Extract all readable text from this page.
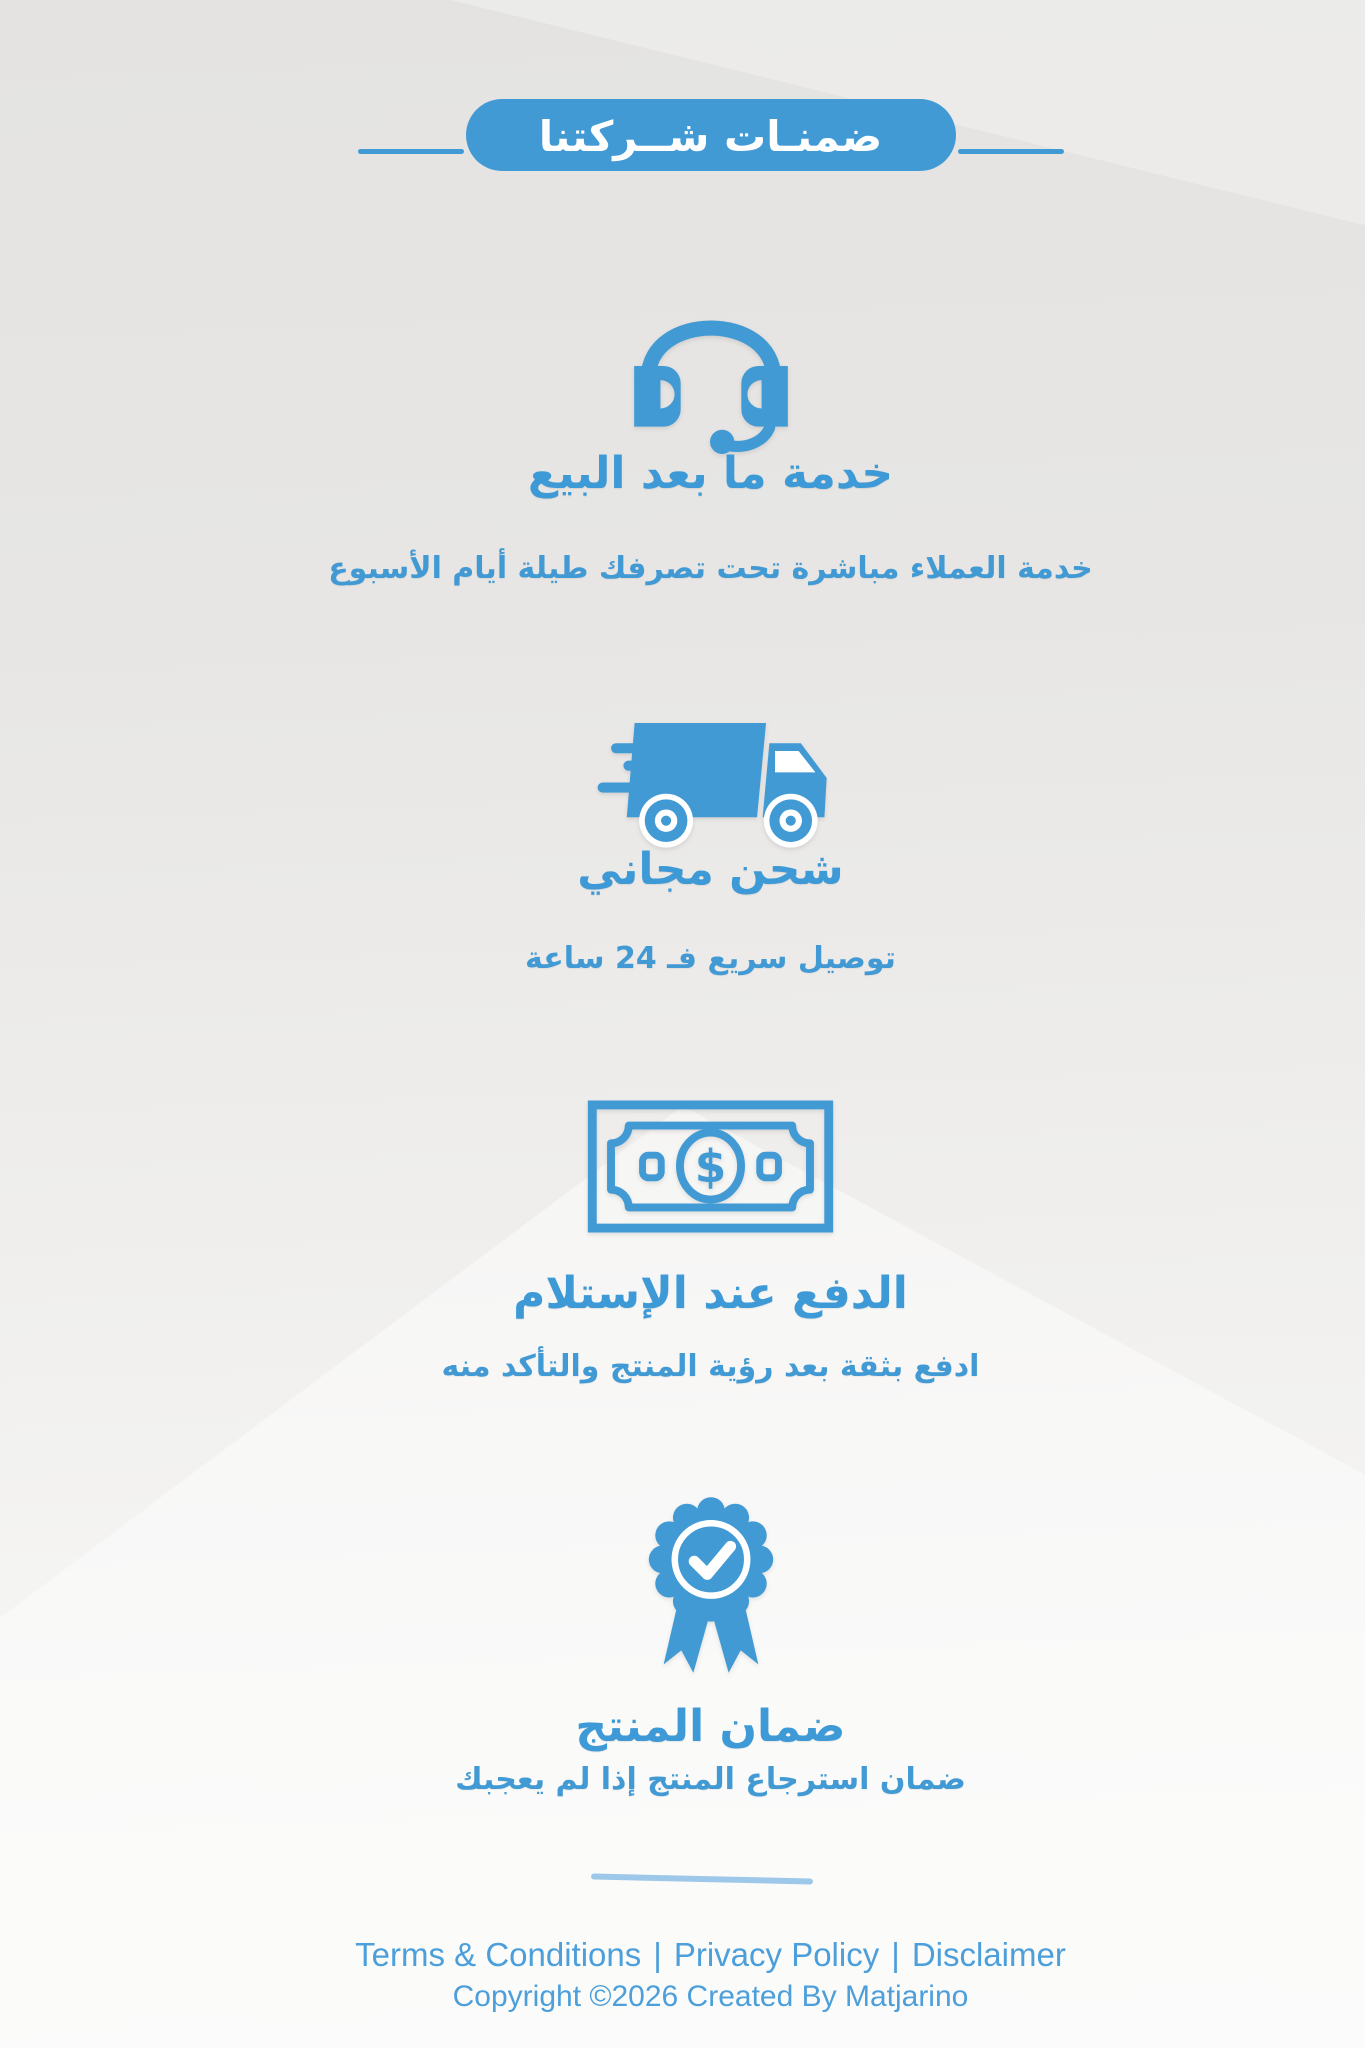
ضمنـات شــركتنا
خدمة ما بعد البيع
خدمة العملاء مباشرة تحت تصرفك طيلة أيام الأسبوع
شحن مجاني
توصيل سريع فـ 24 ساعة
$
الدفع عند الإستلام
ادفع بثقة بعد رؤية المنتج والتأكد منه
ضمان المنتج
ضمان استرجاع المنتج إذا لم يعجبك
Terms & Conditions | Privacy Policy | Disclaimer
Copyright ©2026 Created By Matjarino
